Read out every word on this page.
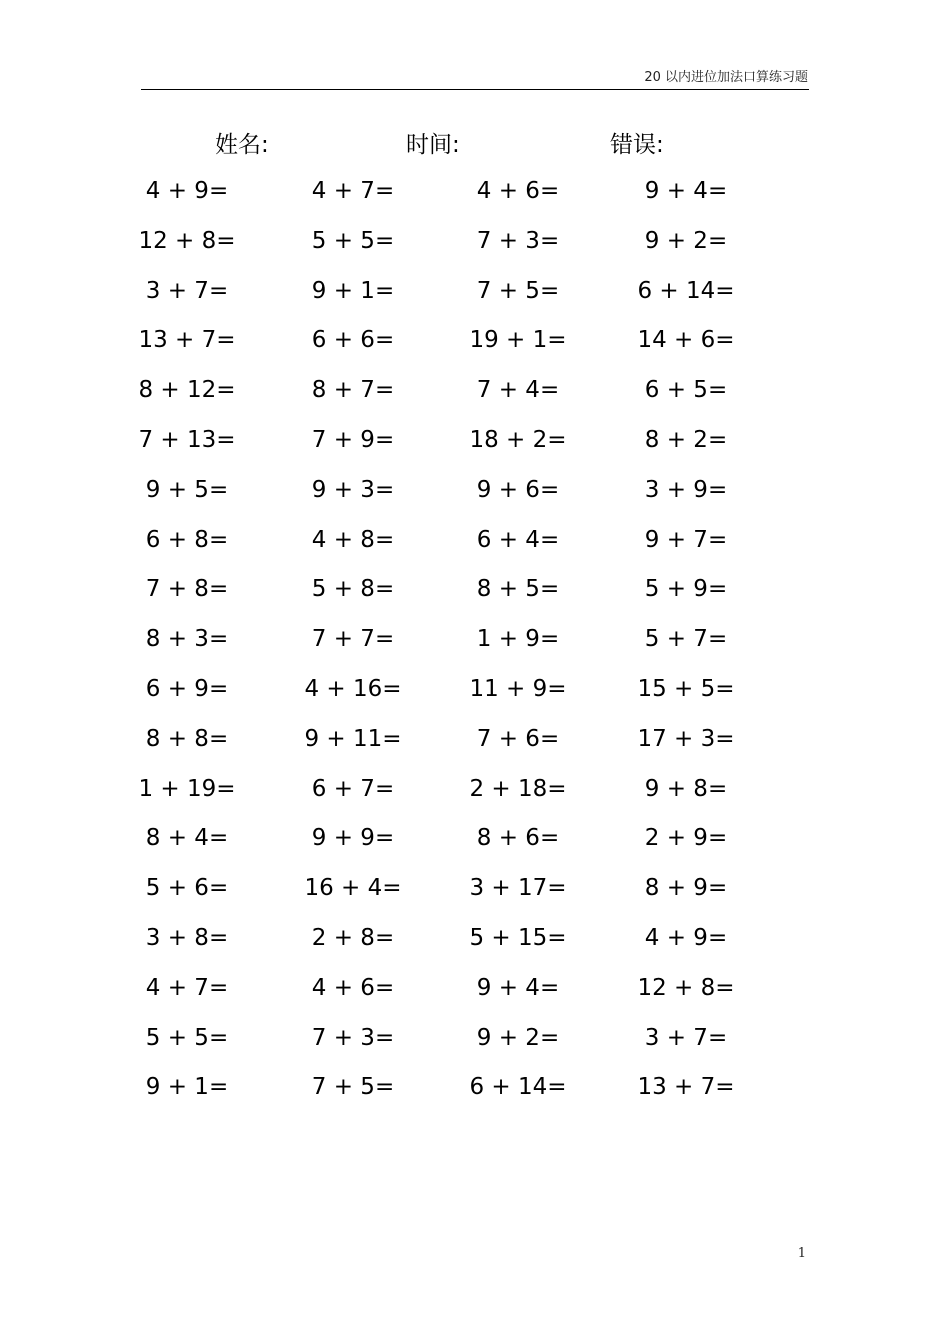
20 以内进位加法口算练习题
姓名:	时间:	错误:
4 + 9=	4 + 7=	4 + 6=	9 + 4=
12 + 8=	5 + 5=	7 + 3=	9 + 2=
3 + 7=	9 + 1=	7 + 5=	6 + 14=
13 + 7=	6 + 6=	19 + 1=	14 + 6=
8 + 12=	8 + 7=	7 + 4=	6 + 5=
7 + 13=	7 + 9=	18 + 2=	8 + 2=
9 + 5=	9 + 3=	9 + 6=	3 + 9=
6 + 8=	4 + 8=	6 + 4=	9 + 7=
7 + 8=	5 + 8=	8 + 5=	5 + 9=
8 + 3=	7 + 7=	1 + 9=	5 + 7=
6 + 9=	4 + 16=	11 + 9=	15 + 5=
8 + 8=	9 + 11=	7 + 6=	17 + 3=
1 + 19=	6 + 7=	2 + 18=	9 + 8=
8 + 4=	9 + 9=	8 + 6=	2 + 9=
5 + 6=	16 + 4=	3 + 17=	8 + 9=
3 + 8=	2 + 8=	5 + 15=	4 + 9=
4 + 7=	4 + 6=	9 + 4=	12 + 8=
5 + 5=	7 + 3=	9 + 2=	3 + 7=
9 + 1=	7 + 5=	6 + 14=	13 + 7=
1
